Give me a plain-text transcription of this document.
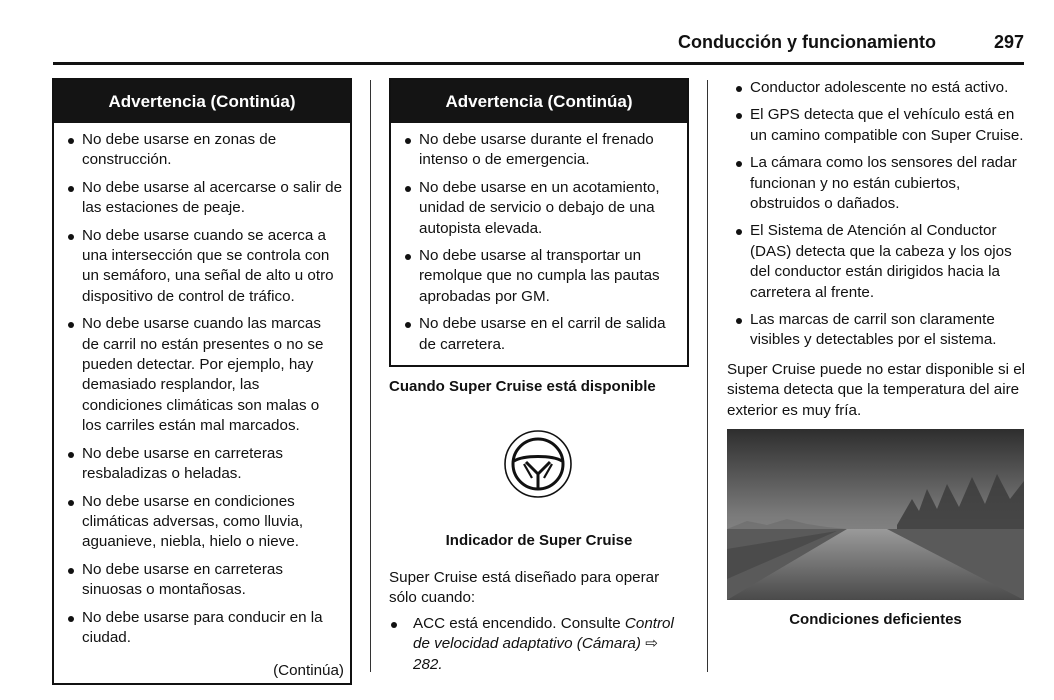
Conducción y funcionamiento	297
Advertencia (Continúa)
No debe usarse en zonas de construcción.
No debe usarse al acercarse o salir de las estaciones de peaje.
No debe usarse cuando se acerca a una intersección que se controla con un semáforo, una señal de alto u otro dispositivo de control de tráfico.
No debe usarse cuando las marcas de carril no están presentes o no se pueden detectar. Por ejemplo, hay demasiado resplandor, las condiciones climáticas son malas o los carriles están mal marcados.
No debe usarse en carreteras resbaladizas o heladas.
No debe usarse en condiciones climáticas adversas, como lluvia, aguanieve, niebla, hielo o nieve.
No debe usarse en carreteras sinuosas o montañosas.
No debe usarse para conducir en la ciudad.
(Continúa)
Advertencia (Continúa)
No debe usarse durante el frenado intenso o de emergencia.
No debe usarse en un acotamiento, unidad de servicio o debajo de una autopista elevada.
No debe usarse al transportar un remolque que no cumpla las pautas aprobadas por GM.
No debe usarse en el carril de salida de carretera.
Cuando Super Cruise está disponible
Indicador de Super Cruise
Super Cruise está diseñado para operar sólo cuando:
ACC está encendido. Consulte Control de velocidad adaptativo (Cámara) ⇨ 282.
Conductor adolescente no está activo.
El GPS detecta que el vehículo está en un camino compatible con Super Cruise.
La cámara como los sensores del radar funcionan y no están cubiertos, obstruidos o dañados.
El Sistema de Atención al Conductor (DAS) detecta que la cabeza y los ojos del conductor están dirigidos hacia la carretera al frente.
Las marcas de carril son claramente visibles y detectables por el sistema.
Super Cruise puede no estar disponible si el sistema detecta que la temperatura del aire exterior es muy fría.
Condiciones deficientes
